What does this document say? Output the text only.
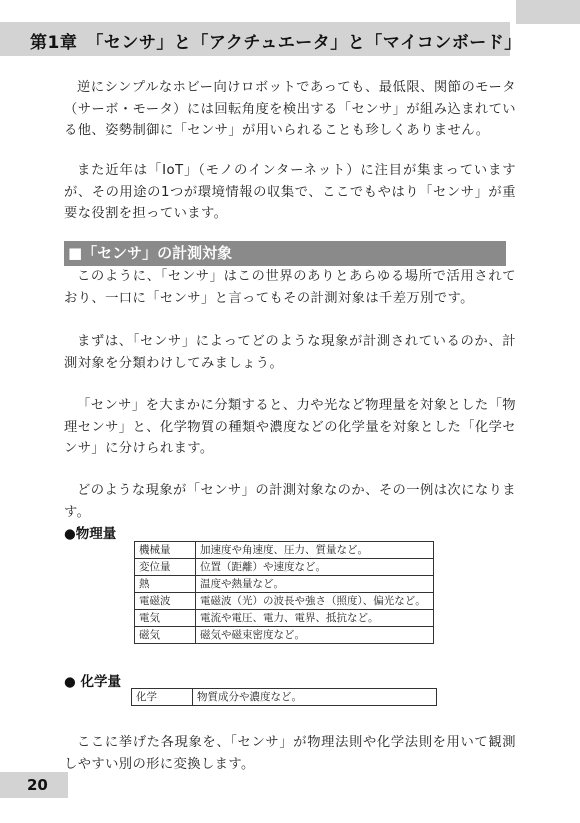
第1章　「センサ」と「アクチュエータ」と「マイコンボード」

逆にシンプルなホビー向けロボットであっても、最低限、関節のモータ（サーボ・モータ）には回転角度を検出する「センサ」が組み込まれている他、姿勢制御に「センサ」が用いられることも珍しくありません。

また近年は「IoT」（モノのインターネット）に注目が集まっていますが、その用途の1つが環境情報の収集で、ここでもやはり「センサ」が重要な役割を担っています。

■「センサ」の計測対象

このように、「センサ」はこの世界のありとあらゆる場所で活用されており、一口に「センサ」と言ってもその計測対象は千差万別です。

まずは、「センサ」によってどのような現象が計測されているのか、計測対象を分類わけしてみましょう。

「センサ」を大まかに分類すると、力や光など物理量を対象とした「物理センサ」と、化学物質の種類や濃度などの化学量を対象とした「化学センサ」に分けられます。

どのような現象が「センサ」の計測対象なのか、その一例は次になります。

●物理量
機械量	加速度や角速度、圧力、質量など。
変位量	位置（距離）や速度など。
熱	温度や熱量など。
電磁波	電磁波（光）の波長や強さ（照度）、偏光など。
電気	電流や電圧、電力、電界、抵抗など。
磁気	磁気や磁束密度など。
● 化学量
化学	物質成分や濃度など。

ここに挙げた各現象を、「センサ」が物理法則や化学法則を用いて観測しやすい別の形に変換します。

20
